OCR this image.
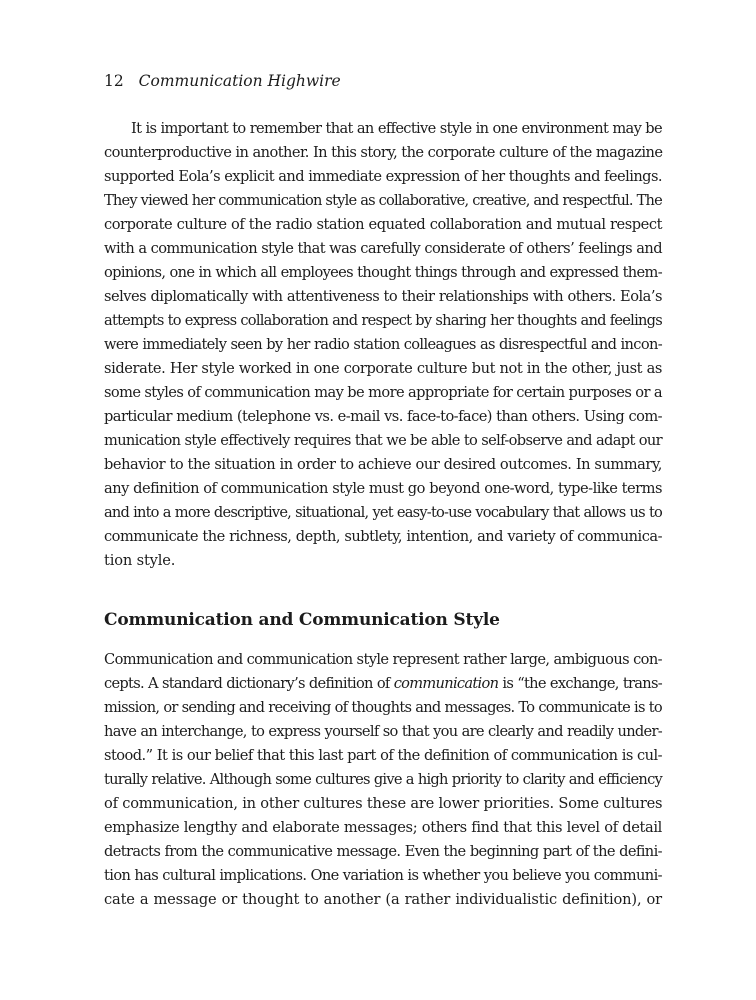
12 Communication Highwire
It is important to remember that an effective style in one environment may be
counterproductive in another. In this story, the corporate culture of the magazine
supported Eola’s explicit and immediate expression of her thoughts and feelings.
They viewed her communication style as collaborative, creative, and respectful. The
corporate culture of the radio station equated collaboration and mutual respect
with a communication style that was carefully considerate of others’ feelings and
opinions, one in which all employees thought things through and expressed them-
selves diplomatically with attentiveness to their relationships with others. Eola’s
attempts to express collaboration and respect by sharing her thoughts and feelings
were immediately seen by her radio station colleagues as disrespectful and incon-
siderate. Her style worked in one corporate culture but not in the other, just as
some styles of communication may be more appropriate for certain purposes or a
particular medium (telephone vs. e-mail vs. face-to-face) than others. Using com-
munication style effectively requires that we be able to self-observe and adapt our
behavior to the situation in order to achieve our desired outcomes. In summary,
any definition of communication style must go beyond one-word, type-like terms
and into a more descriptive, situational, yet easy-to-use vocabulary that allows us to
communicate the richness, depth, subtlety, intention, and variety of communica-
tion style.
Communication and Communication Style
Communication and communication style represent rather large, ambiguous con-
cepts. A standard dictionary’s definition of communication is “the exchange, trans-
mission, or sending and receiving of thoughts and messages. To communicate is to
have an interchange, to express yourself so that you are clearly and readily under-
stood.” It is our belief that this last part of the definition of communication is cul-
turally relative. Although some cultures give a high priority to clarity and efficiency
of communication, in other cultures these are lower priorities. Some cultures
emphasize lengthy and elaborate messages; others find that this level of detail
detracts from the communicative message. Even the beginning part of the defini-
tion has cultural implications. One variation is whether you believe you communi-
cate a message or thought to another (a rather individualistic definition), or
